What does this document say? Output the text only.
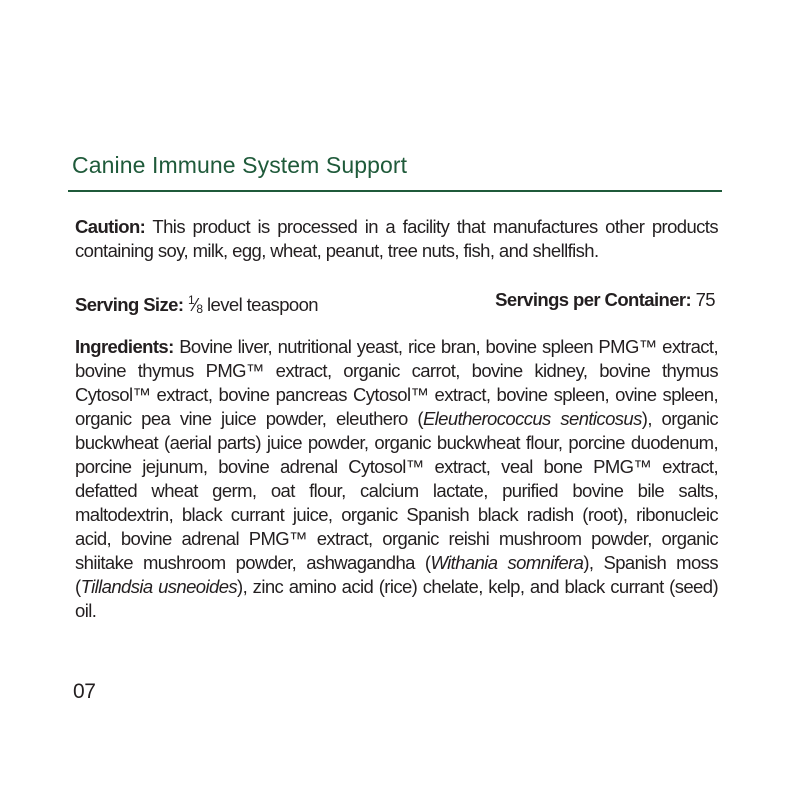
Canine Immune System Support
Caution: This product is processed in a facility that manufactures other products containing soy, milk, egg, wheat, peanut, tree nuts, fish, and shellfish.
Serving Size: $^1$⁄8 level teaspoon	Servings per Container: 75
Ingredients: Bovine liver, nutritional yeast, rice bran, bovine spleen PMG™ extract, bovine thymus PMG™ extract, organic carrot, bovine kidney, bovine thymus Cytosol™ extract, bovine pancreas Cytosol™ extract, bovine spleen, ovine spleen, organic pea vine juice powder, eleuthero (Eleutherococcus senticosus), organic buckwheat (aerial parts) juice powder, organic buckwheat flour, porcine duodenum, porcine jejunum, bovine adrenal Cytosol™ extract, veal bone PMG™ extract, defatted wheat germ, oat flour, calcium lactate, purified bovine bile salts, maltodextrin, black currant juice, organic Spanish black radish (root), ribonucleic acid, bovine adrenal PMG™ extract, organic reishi mushroom powder, organic shiitake mushroom powder, ashwagandha (Withania somnifera), Spanish moss (Tillandsia usneoides), zinc amino acid (rice) chelate, kelp, and black currant (seed) oil.
07
